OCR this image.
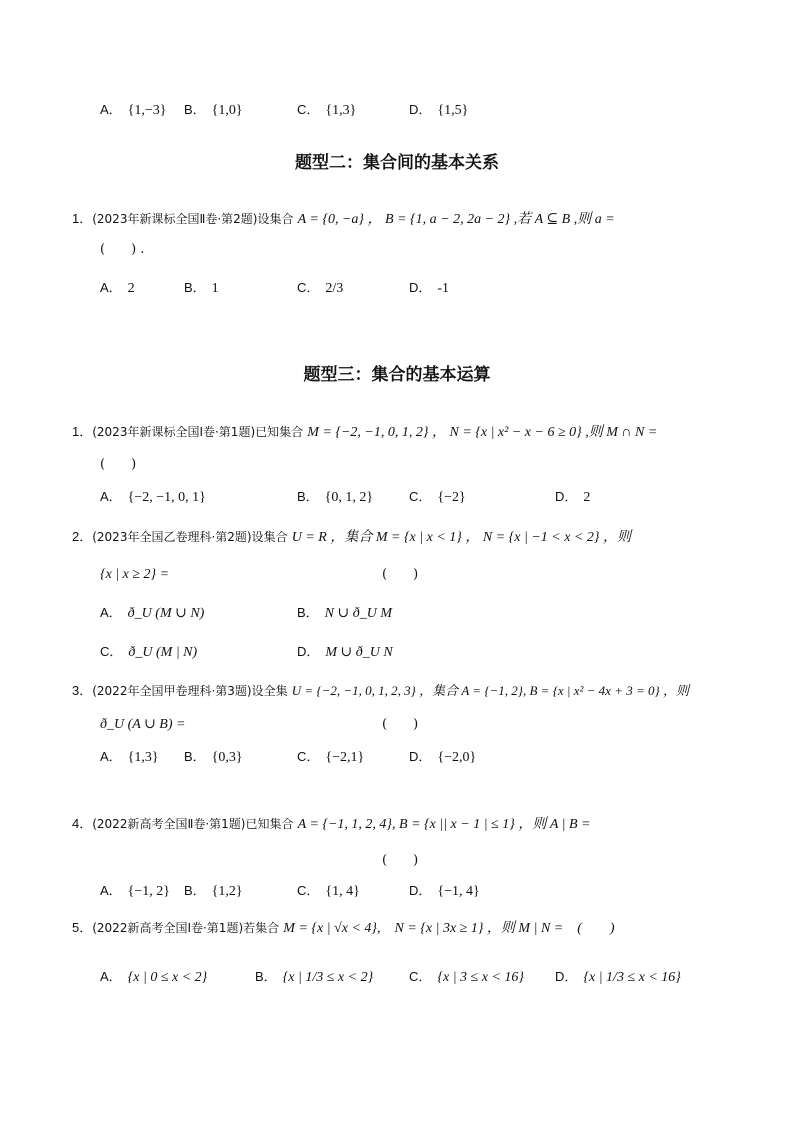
A． {1,−3} B． {1,0}	C． {1,3}	D． {1,5}
题型二：集合间的基本关系
1．(2023年新课标全国Ⅱ卷·第2题)设集合 A = {0, −a} ， B = {1, a − 2, 2a − 2} ,若 A ⊆ B ,则 a =
(　　) .
A． 2	B． 1	C． 2/3	D． -1
题型三：集合的基本运算
1．(2023年新课标全国Ⅰ卷·第1题)已知集合 M = {−2, −1, 0, 1, 2} ， N = {x | x² − x − 6 ≥ 0} ,则 M ∩ N =
(　　)
A． {−2, −1, 0, 1}	B． {0, 1, 2}	C． {−2}	D． 2
2．(2023年全国乙卷理科·第2题)设集合 U = R ，集合 M = {x | x < 1} ， N = {x | −1 < x < 2} ，则
{x | x ≥ 2} =	(　　)
A． ð_U (M ∪ N)	B． N ∪ ð_U M
C． ð_U (M | N)	D． M ∪ ð_U N
3．(2022年全国甲卷理科·第3题)设全集 U = {−2, −1, 0, 1, 2, 3} ，集合 A = {−1, 2}, B = {x | x² − 4x + 3 = 0} ，则
ð_U (A ∪ B) =	(　　)
A． {1,3} B． {0,3}	C． {−2,1}	D． {−2,0}
4．(2022新高考全国Ⅱ卷·第1题)已知集合 A = {−1, 1, 2, 4}, B = {x || x − 1 | ≤ 1} ，则 A | B =
(　　)
A． {−1, 2} B． {1,2}	C． {1, 4}	D． {−1, 4}
5．(2022新高考全国Ⅰ卷·第1题)若集合 M = {x | √x < 4},　N = {x | 3x ≥ 1} ，则 M | N =　(　　)
A． {x | 0 ≤ x < 2}	B． {x | 1/3 ≤ x < 2}	C． {x | 3 ≤ x < 16} D． {x | 1/3 ≤ x < 16}
